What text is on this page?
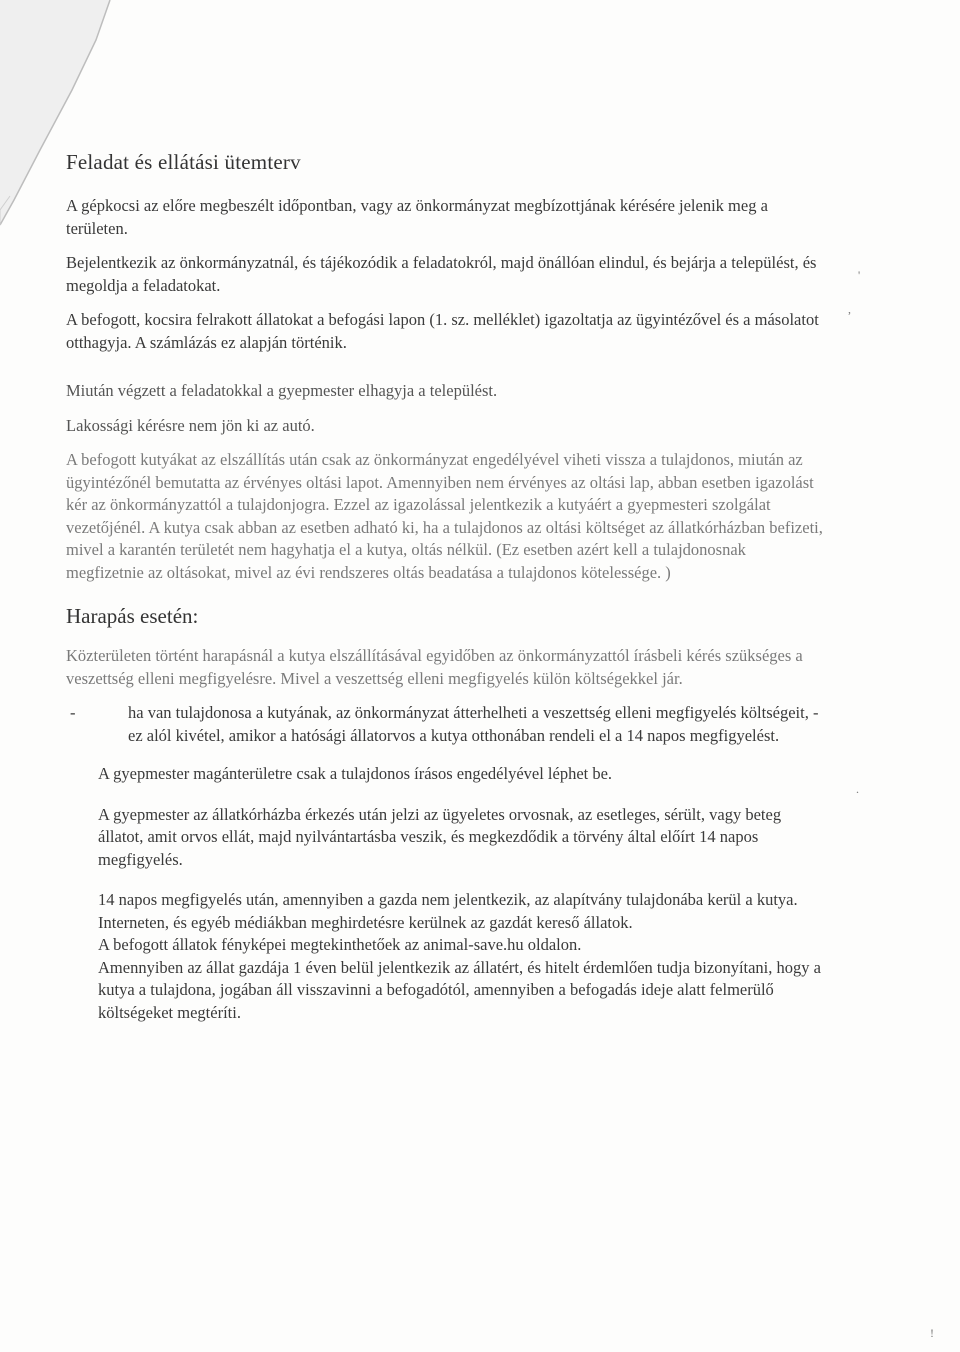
'
,
.
!
Feladat és ellátási ütemterv

A gépkocsi az előre megbeszélt időpontban, vagy az önkormányzat megbízottjának kérésére jelenik meg a területen.

Bejelentkezik az önkormányzatnál, és tájékozódik a feladatokról, majd önállóan elindul, és bejárja a települést, és megoldja a feladatokat.

A befogott, kocsira felrakott állatokat a befogási lapon (1. sz. melléklet) igazoltatja az ügyintézővel és a másolatot otthagyja. A számlázás ez alapján történik.

Miután végzett a feladatokkal a gyepmester elhagyja a települést.

Lakossági kérésre nem jön ki az autó.

A befogott kutyákat az elszállítás után csak az önkormányzat engedélyével viheti vissza a tulajdonos, miután az ügyintézőnél bemutatta az érvényes oltási lapot. Amennyiben nem érvényes az oltási lap, abban esetben igazolást kér az önkormányzattól a tulajdonjogra. Ezzel az igazolással jelentkezik a kutyáért a gyepmesteri szolgálat vezetőjénél. A kutya csak abban az esetben adható ki, ha a tulajdonos az oltási költséget az állatkórházban befizeti, mivel a karantén területét nem hagyhatja el a kutya, oltás nélkül. (Ez esetben azért kell a tulajdonosnak megfizetnie az oltásokat, mivel az évi rendszeres oltás beadatása a tulajdonos kötelessége. )

Harapás esetén:

Közterületen történt harapásnál a kutya elszállításával egyidőben az önkormányzattól írásbeli kérés szükséges a veszettség elleni megfigyelésre. Mivel a veszettség elleni megfigyelés külön költségekkel jár.

-	ha van tulajdonosa a kutyának, az önkormányzat átterhelheti a veszettség elleni megfigyelés költségeit, - ez alól kivétel, amikor a hatósági állatorvos a kutya otthonában rendeli el a 14 napos megfigyelést.

A gyepmester magánterületre csak a tulajdonos írásos engedélyével léphet be.

A gyepmester az állatkórházba érkezés után jelzi az ügyeletes orvosnak, az esetleges, sérült, vagy beteg állatot, amit orvos ellát, majd nyilvántartásba veszik, és megkezdődik a törvény által előírt 14 napos megfigyelés.

14 napos megfigyelés után, amennyiben a gazda nem jelentkezik, az alapítvány tulajdonába kerül a kutya. Interneten, és egyéb médiákban meghirdetésre kerülnek az gazdát kereső állatok.

A befogott állatok fényképei megtekinthetőek az animal-save.hu oldalon.

Amennyiben az állat gazdája 1 éven belül jelentkezik az állatért, és hitelt érdemlően tudja bizonyítani, hogy a kutya a tulajdona, jogában áll visszavinni a befogadótól, amennyiben a befogadás ideje alatt felmerülő költségeket megtéríti.
